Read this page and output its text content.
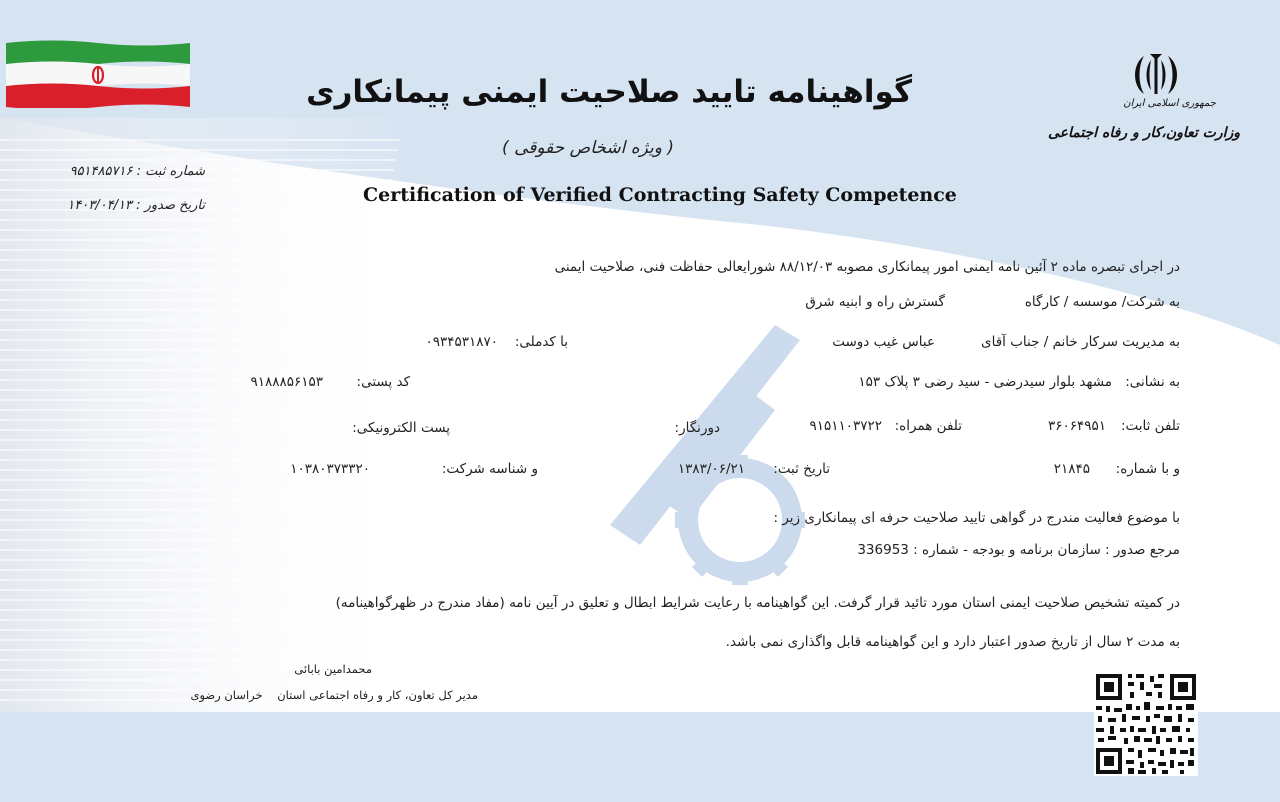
جمهوری اسلامی ایران
وزارت تعاون،کار و رفاه اجتماعی
گواهینامه تایید صلاحیت ایمنی پیمانکاری
( ویژه اشخاص حقوقی )
Certification of Verified Contracting Safety Competence
شماره ثبت : ۹۵۱۴۸۵۷۱۶
تاریخ صدور : ۱۴۰۳/۰۴/۱۳
در اجرای تبصره ماده ۲ آئین نامه ایمنی امور پیمانکاری مصوبه ۸۸/۱۲/۰۳ شورایعالی حفاظت فنی، صلاحیت ایمنی
به شرکت/ موسسه / کارگاه
گسترش راه و ابنیه شرق
به مدیریت سرکار خانم / جناب آقای
عباس غیب دوست
با کدملی:
۰۹۳۴۵۳۱۸۷۰
به نشانی:
مشهد بلوار سیدرضی - سید رضی ۳ پلاک ۱۵۳
کد پستی:
۹۱۸۸۸۵۶۱۵۳
تلفن ثابت:
۳۶۰۶۴۹۵۱
تلفن همراه:
۹۱۵۱۱۰۳۷۲۲
دورنگار:
پست الکترونیکی:
و با شماره:
۲۱۸۴۵
تاریخ ثبت:
۱۳۸۳/۰۶/۲۱
و شناسه شرکت:
۱۰۳۸۰۳۷۳۳۲۰
با موضوع فعالیت مندرج در گواهی تایید صلاحیت حرفه ای پیمانکاری زیر :
مرجع صدور : سازمان برنامه و بودجه - شماره : 336953
در کمیته تشخیص صلاحیت ایمنی استان مورد تائید قرار گرفت. این گواهینامه با رعایت شرایط ابطال و تعلیق در آیین نامه (مفاد مندرج در ظهرگواهینامه)
به مدت ۲ سال از تاریخ صدور اعتبار دارد و این گواهینامه قابل واگذاری نمی باشد.
محمدامین بابائی
مدیر کل تعاون، کار و رفاه اجتماعی استان    خراسان رضوی
